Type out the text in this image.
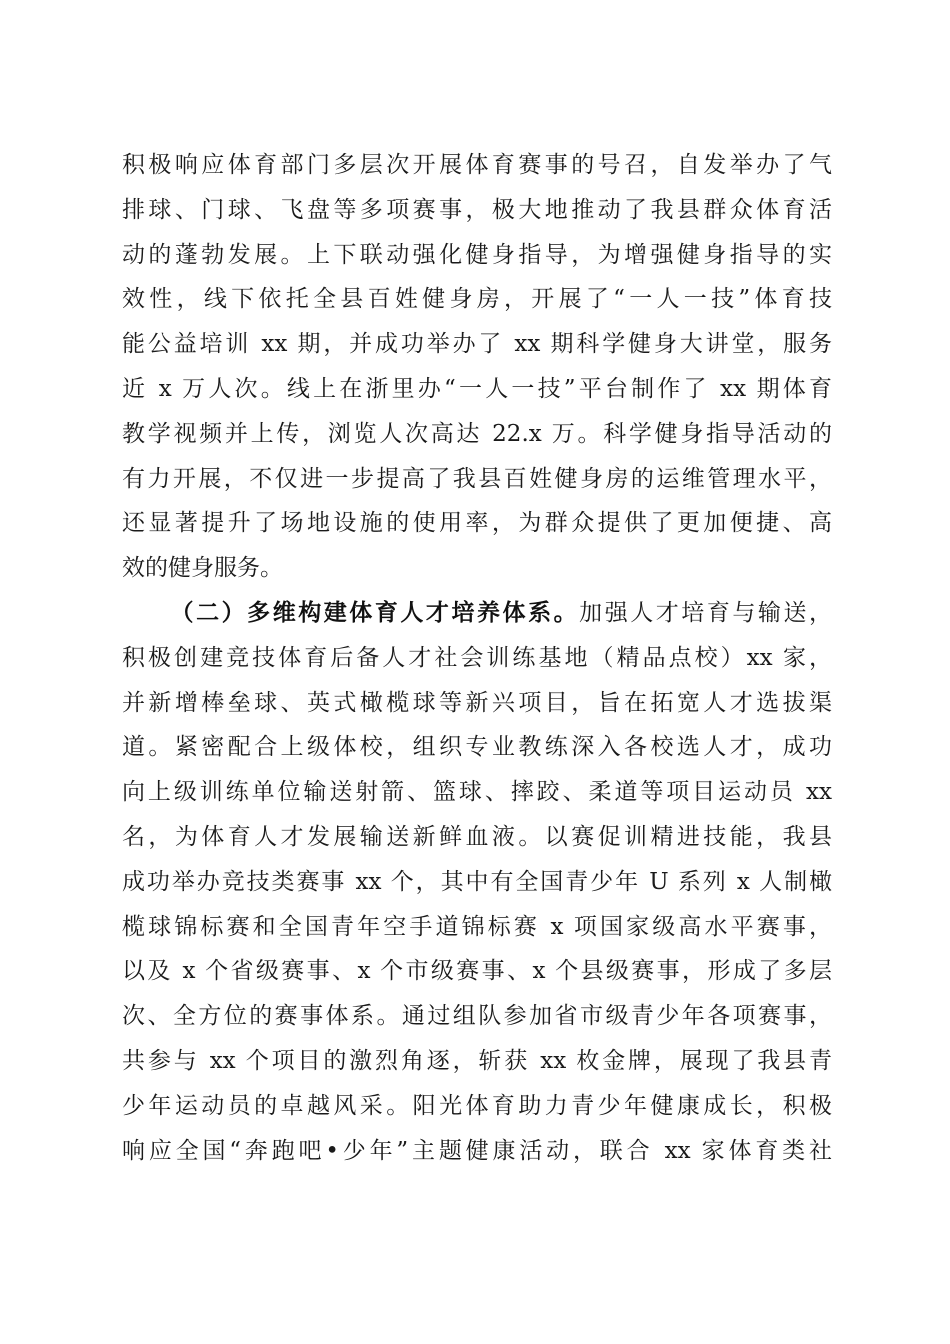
积极响应体育部门多层次开展体育赛事的号召，自发举办了气
排球、门球、飞盘等多项赛事，极大地推动了我县群众体育活
动的蓬勃发展。上下联动强化健身指导，为增强健身指导的实
效性，线下依托全县百姓健身房，开展了“一人一技”体育技
能公益培训 xx 期，并成功举办了 xx 期科学健身大讲堂，服务
近 x 万人次。线上在浙里办“一人一技”平台制作了 xx 期体育
教学视频并上传，浏览人次高达 22.x 万。科学健身指导活动的
有力开展，不仅进一步提高了我县百姓健身房的运维管理水平，
还显著提升了场地设施的使用率，为群众提供了更加便捷、高
效的健身服务。
（二）多维构建体育人才培养体系。加强人才培育与输送，
积极创建竞技体育后备人才社会训练基地（精品点校）xx 家，
并新增棒垒球、英式橄榄球等新兴项目，旨在拓宽人才选拔渠
道。紧密配合上级体校，组织专业教练深入各校选人才，成功
向上级训练单位输送射箭、篮球、摔跤、柔道等项目运动员 xx
名，为体育人才发展输送新鲜血液。以赛促训精进技能，我县
成功举办竞技类赛事 xx 个，其中有全国青少年 U 系列 x 人制橄
榄球锦标赛和全国青年空手道锦标赛 x 项国家级高水平赛事，
以及 x 个省级赛事、x 个市级赛事、x 个县级赛事，形成了多层
次、全方位的赛事体系。通过组队参加省市级青少年各项赛事，
共参与 xx 个项目的激烈角逐，斩获 xx 枚金牌，展现了我县青
少年运动员的卓越风采。阳光体育助力青少年健康成长，积极
响应全国“奔跑吧•少年”主题健康活动，联合 xx 家体育类社
